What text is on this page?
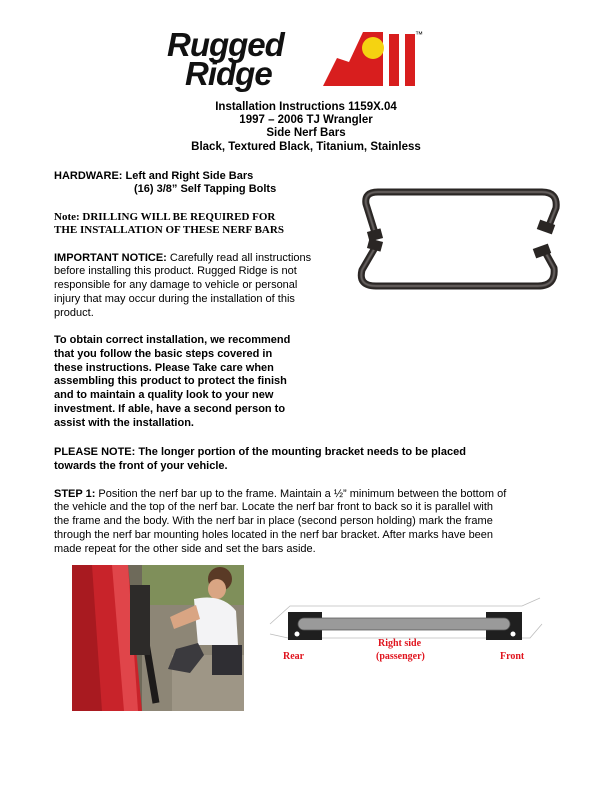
Rugged
Ridge
™
Installation Instructions 1159X.04
1997 – 2006 TJ Wrangler
Side Nerf Bars
Black, Textured Black, Titanium, Stainless
HARDWARE: Left and Right Side Bars
(16) 3/8” Self Tapping Bolts
Note: DRILLING WILL BE REQUIRED FOR
THE INSTALLATION OF THESE NERF BARS
IMPORTANT NOTICE: Carefully read all instructions
before installing this product. Rugged Ridge is not
responsible for any damage to vehicle or personal
injury that may occur during the installation of this
product.
To obtain correct installation, we recommend
that you follow the basic steps covered in
these instructions. Please Take care when
assembling this product to protect the finish
and to maintain a quality look to your new
investment. If able, have a second person to
assist with the installation.
PLEASE NOTE: The longer portion of the mounting bracket needs to be placed
towards the front of your vehicle.
STEP 1: Position the nerf bar up to the frame. Maintain a ½” minimum between the bottom of
the vehicle and the top of the nerf bar. Locate the nerf bar front to back so it is parallel with
the frame and the body. With the nerf bar in place (second person holding) mark the frame
through the nerf bar mounting holes located in the nerf bar bracket. After marks have been
made repeat for the other side and set the bars aside.
Rear
Right side
(passenger)	Front
